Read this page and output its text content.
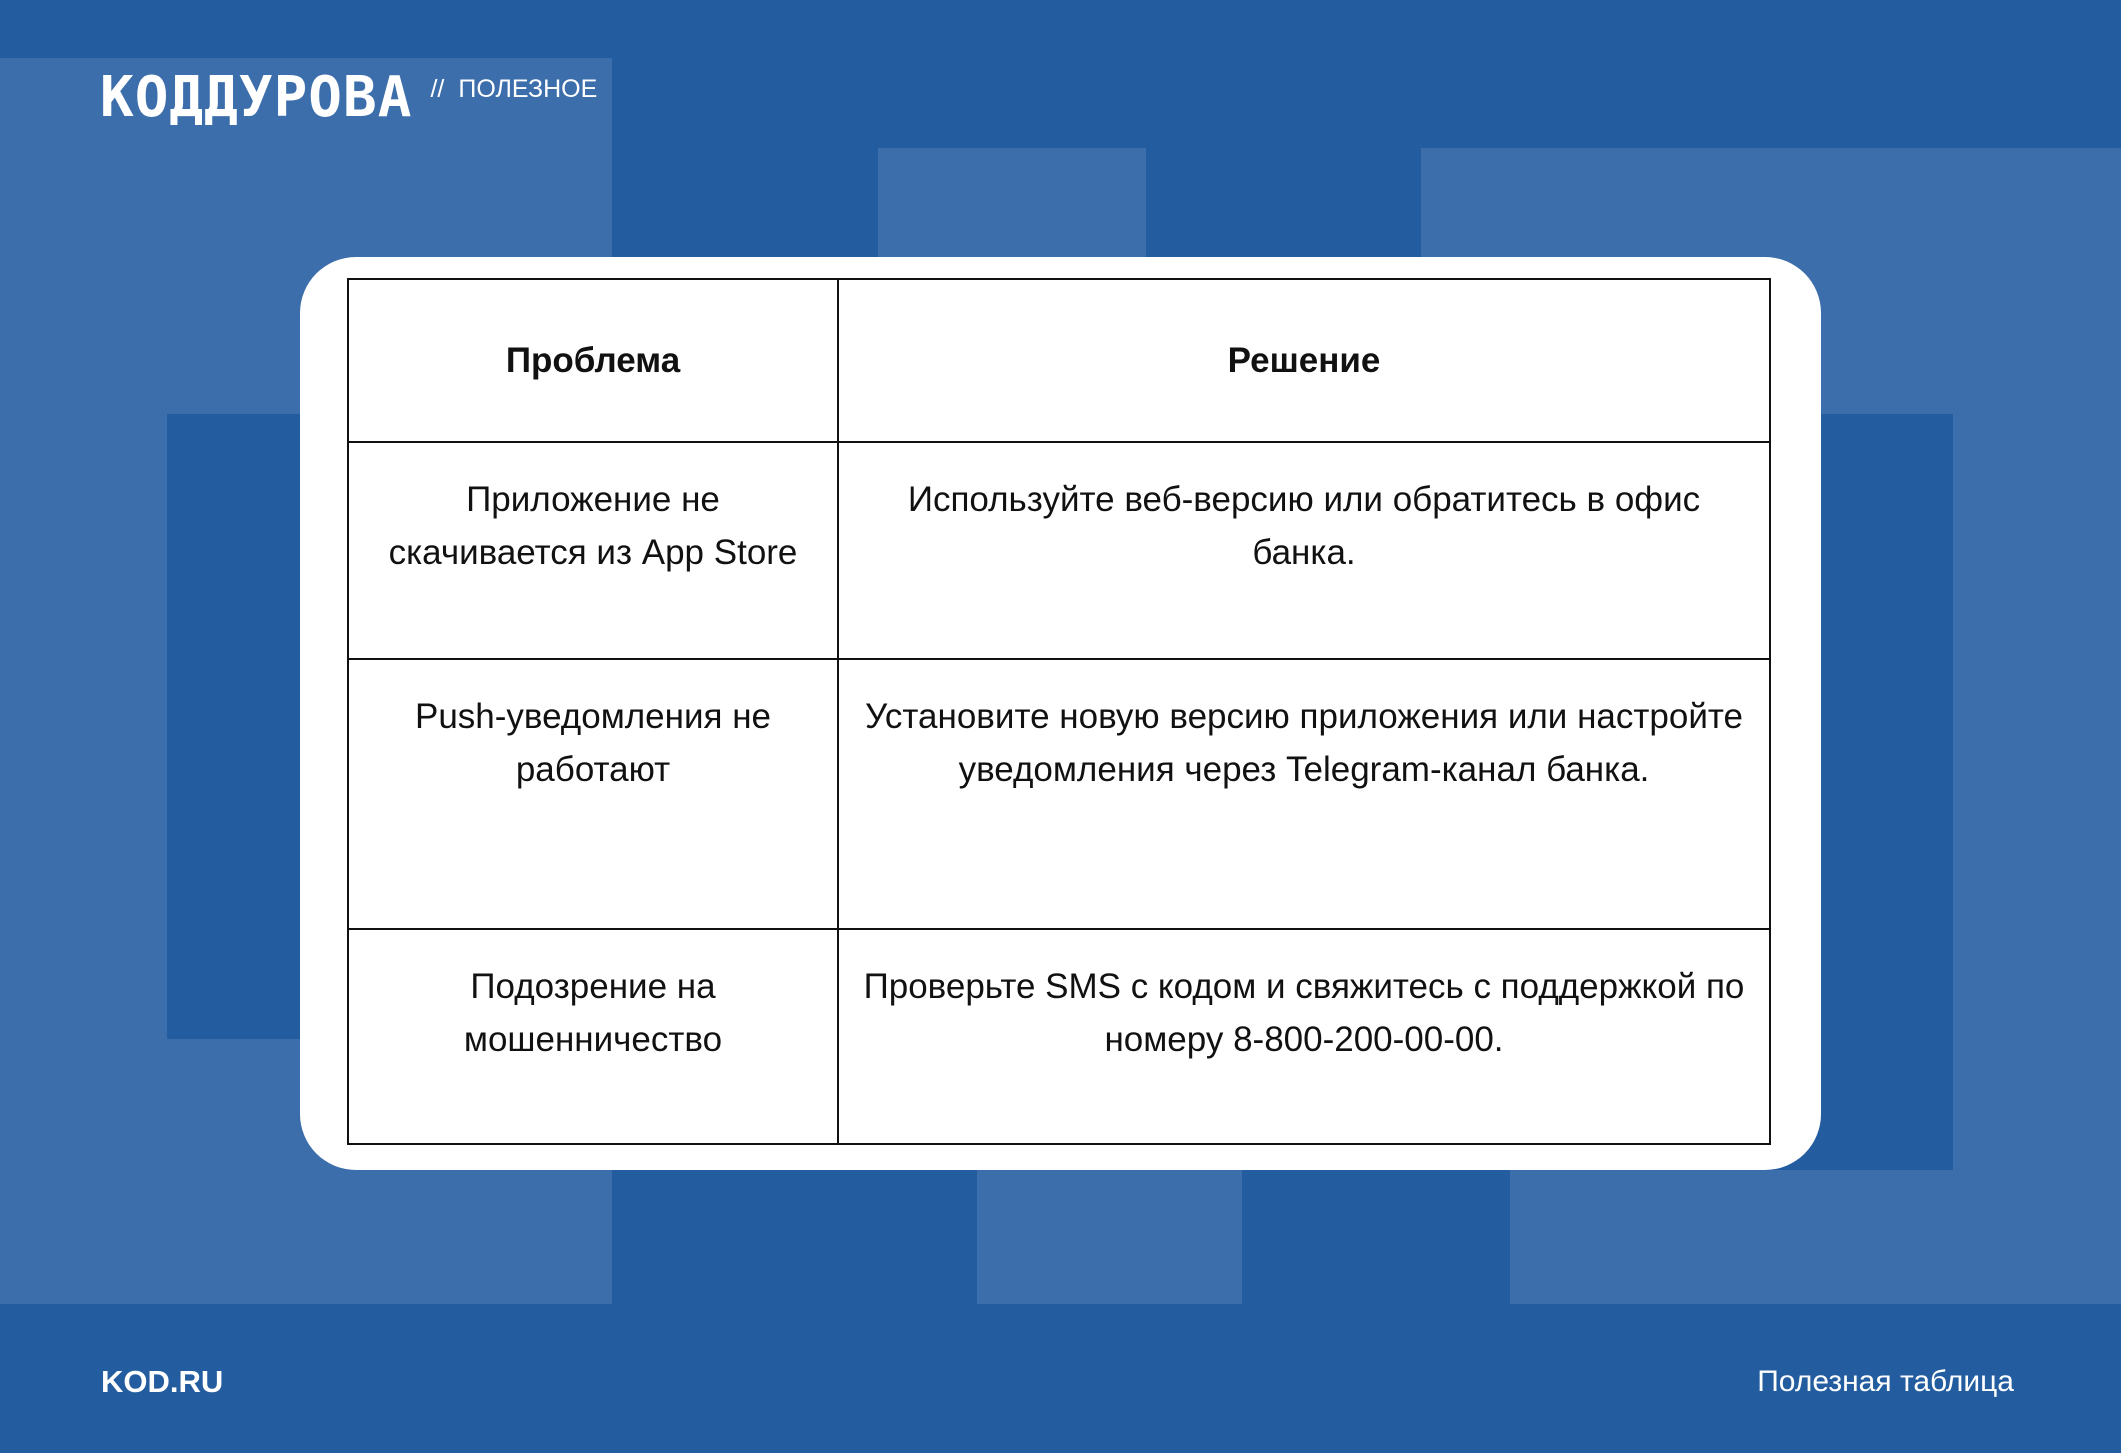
КОДДУРОВА // ПОЛЕЗНОЕ
Проблема	Решение
Приложение не скачивается из App Store	Используйте веб-версию или обратитесь в офис банка.
Push-уведомления не работают	Установите новую версию приложения или настройте уведомления через Telegram-канал банка.
Подозрение на мошенничество	Проверьте SMS с кодом и свяжитесь с поддержкой по номеру 8-800-200-00-00.
KOD.RU	Полезная таблица
